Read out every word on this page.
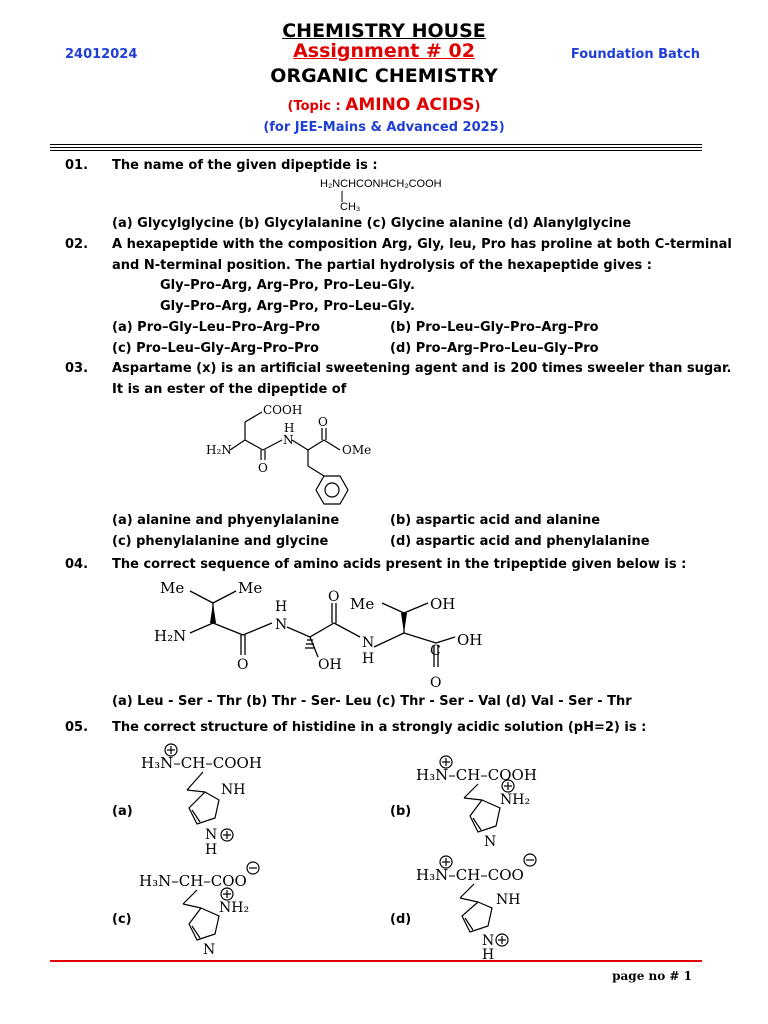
CHEMISTRY HOUSE
Assignment # 02
ORGANIC CHEMISTRY
(Topic : AMINO ACIDS)
(for JEE-Mains & Advanced 2025)
24012024	Foundation Batch
01. The name of the given dipeptide is :
H₂NCHCONHCH₂COOH
CH₃
(a) Glycylglycine (b) Glycylalanine (c) Glycine alanine (d) Alanylglycine
02. A hexapeptide with the composition Arg, Gly, leu, Pro has proline at both C-terminal
and N-terminal position. The partial hydrolysis of the hexapeptide gives :
Gly–Pro–Arg, Arg–Pro, Pro–Leu–Gly.
Gly–Pro–Arg, Arg–Pro, Pro–Leu–Gly.
(a) Pro–Gly–Leu–Pro–Arg–Pro	(b) Pro–Leu–Gly–Pro–Arg–Pro
(c) Pro–Leu–Gly–Arg–Pro–Pro	(d) Pro–Arg–Pro–Leu–Gly–Pro
03. Aspartame (x) is an artificial sweetening agent and is 200 times sweeler than sugar.
It is an ester of the dipeptide of
COOH
H
N
H₂N
O
O
OMe
(a) alanine and phyenylalanine	(b) aspartic acid and alanine
(c) phenylalanine and glycine	(d) aspartic acid and phenylalanine
04. The correct sequence of amino acids present in the tripeptide given below is :
Me	Me
H₂N
H
N
O
O
OH
N
H
Me	OH
OH
C
O
(a) Leu - Ser - Thr (b) Thr - Ser- Leu (c) Thr - Ser - Val (d) Val - Ser - Thr
05. The correct structure of histidine in a strongly acidic solution (pH=2) is :
(a)
H₃N–CH–COOH
NH
N
H
(b)
H₃N–CH–COOH
NH₂
N
(c)
H₃N–CH–COO
NH₂
N
(d)
H₃N–CH–COO
NH
N
H
page no # 1
